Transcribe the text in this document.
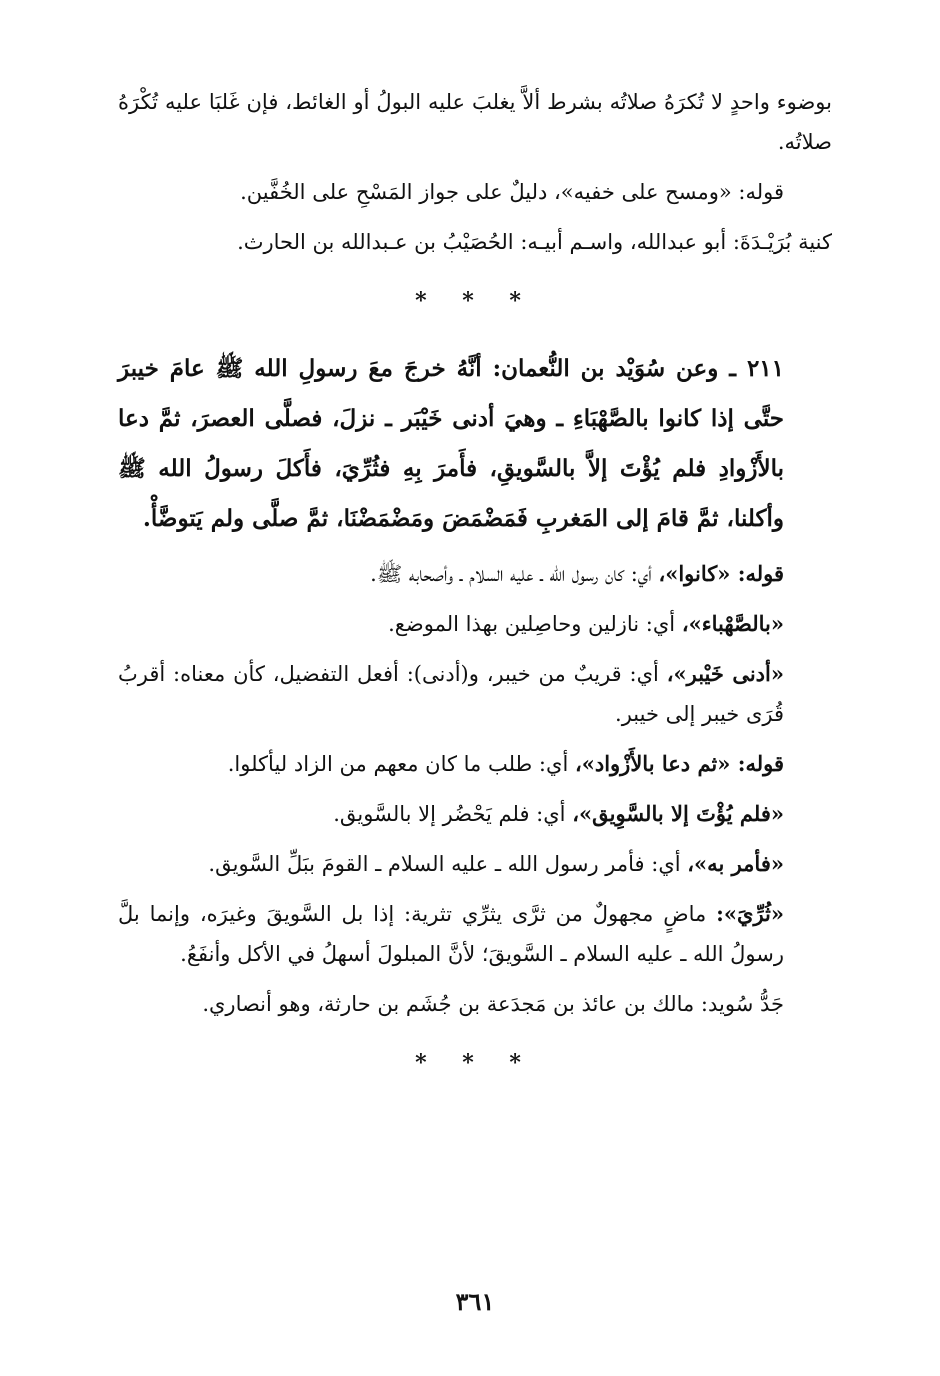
بوضوء واحدٍ لا تُكرَهُ صلاتُه بشرط ألاَّ يغلبَ عليه البولُ أو الغائط، فإن غَلبَا عليه تُكْرَهُ صلاتُه.

قوله: «ومسح على خفيه»، دليلٌ على جواز المَسْحِ على الخُفَّين.

كنية بُرَيْـدَةَ: أبو عبدالله، واسـم أبيـه: الحُصَيْبُ بن عـبدالله بن الحارث.

* * *

٢١١ ـ وعن سُوَيْد بن النُّعمان: أنَّهُ خرجَ معَ رسولِ الله ﷺ عامَ خيبرَ حتَّى إذا كانوا بالصَّهْبَاءِ ـ وهيَ أدنى خَيْبَر ـ نزلَ، فصلَّى العصرَ، ثمَّ دعا بالأَزْوادِ فلم يُؤْتَ إلاَّ بالسَّويقِ، فأَمرَ بِهِ فثُرِّيَ، فأَكلَ رسولُ الله ﷺ وأكلنا، ثمَّ قامَ إلى المَغربِ فَمَضْمَضَ ومَضْمَضْنَا، ثمَّ صلَّى ولم يَتوضَّأْ.

قوله: «كانوا»، أي: كان رسول الله ـ عليه السلام ـ وأصحابه ﷺ.

«بالصَّهْباء»، أي: نازلين وحاصِلين بهذا الموضع.

«أدنى خَيْبر»، أي: قريبٌ من خيبر، و(أدنى): أفعل التفضيل، كأن معناه: أقربُ قُرَى خيبر إلى خيبر.

قوله: «ثم دعا بالأَزْواد»، أي: طلب ما كان معهم من الزاد ليأكلوا.

«فلم يُؤْتَ إلا بالسَّوِيق»، أي: فلم يَحْضُر إلا بالسَّويق.

«فأمر به»، أي: فأمر رسول الله ـ عليه السلام ـ القومَ ببَلِّ السَّويق.

«ثُرِّيَ»: ماضٍ مجهولٌ من ثرَّى يثرِّي تثرية: إذا بل السَّويقَ وغيرَه، وإنما بلَّ رسولُ الله ـ عليه السلام ـ السَّويقَ؛ لأنَّ المبلولَ أسهلُ في الأكل وأنفَعُ.

جَدُّ سُويد: مالك بن عائذ بن مَجدَعة بن جُشَم بن حارثة، وهو أنصاري.

* * *
٣٦١
